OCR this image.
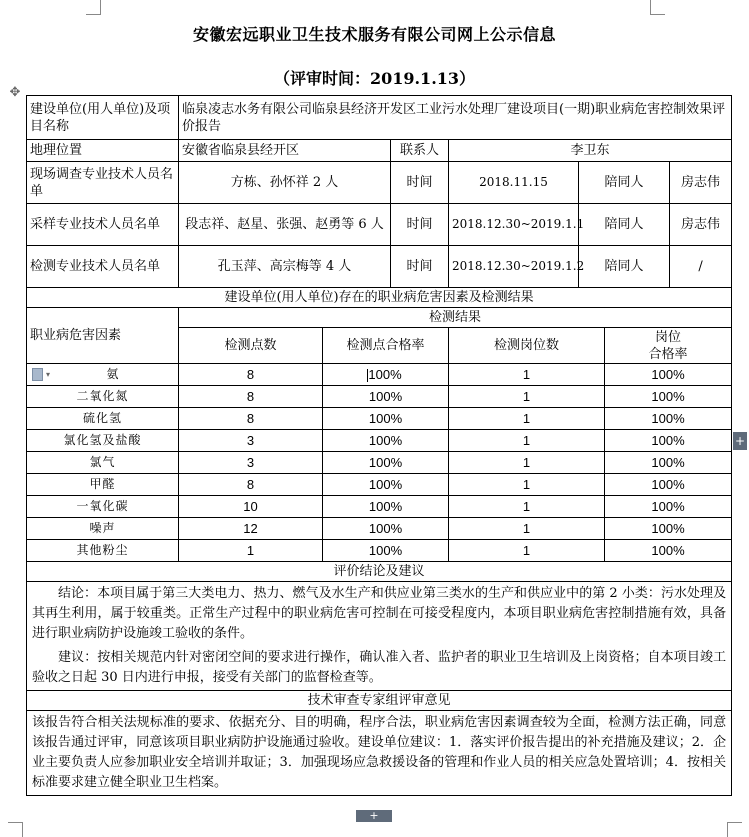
安徽宏远职业卫生技术服务有限公司网上公示信息
（评审时间：2019.1.13）
✥
建设单位(用人单位)及项目名称	临泉凌志水务有限公司临泉县经济开发区工业污水处理厂建设项目(一期)职业病危害控制效果评价报告						
地理位置	安徽省临泉县经开区		联系人	李卫东			
现场调查专业技术人员名单	方栋、孙怀祥 2 人		时间	2018.11.15	陪同人		房志伟
采样专业技术人员名单	段志祥、赵星、张强、赵勇等 6 人		时间	2018.12.30~2019.1.1	陪同人		房志伟
检测专业技术人员名单	孔玉萍、高宗梅等 4 人		时间	2018.12.30~2019.1.2	陪同人		/
建设单位(用人单位)存在的职业病危害因素及检测结果							
职业病危害因素	检测结果						
	检测点数	检测点合格率		检测岗位数		岗位
合格率	

▾ 氨	8	100%		1		100%	
二氧化氮	8	100%		1		100%	
硫化氢	8	100%		1		100%	
氯化氢及盐酸	3	100%		1		100%	
氯气	3	100%		1		100%	
甲醛	8	100%		1		100%	
一氧化碳	10	100%		1		100%	
噪声	12	100%		1		100%	
其他粉尘	1	100%		1		100%	
评价结论及建议							

结论：本项目属于第三大类电力、热力、燃气及水生产和供应业第三类水的生产和供应业中的第 2 小类：污水处理及其再生利用，属于较重类。正常生产过程中的职业病危害可控制在可接受程度内，本项目职业病危害控制措施有效，具备进行职业病防护设施竣工验收的条件。
建议：按相关规范内针对密闭空间的要求进行操作，确认准入者、监护者的职业卫生培训及上岗资格；自本项目竣工验收之日起 30 日内进行申报，接受有关部门的监督检查等。							

技术审查专家组评审意见							

该报告符合相关法规标准的要求、依据充分、目的明确，程序合法，职业病危害因素调查较为全面，检测方法正确，同意该报告通过评审，同意该项目职业病防护设施通过验收。建设单位建议：1．落实评价报告提出的补充措施及建议；2．企业主要负责人应参加职业安全培训并取证；3．加强现场应急救援设备的管理和作业人员的相关应急处置培训；4．按相关标准要求建立健全职业卫生档案。							
+
+
